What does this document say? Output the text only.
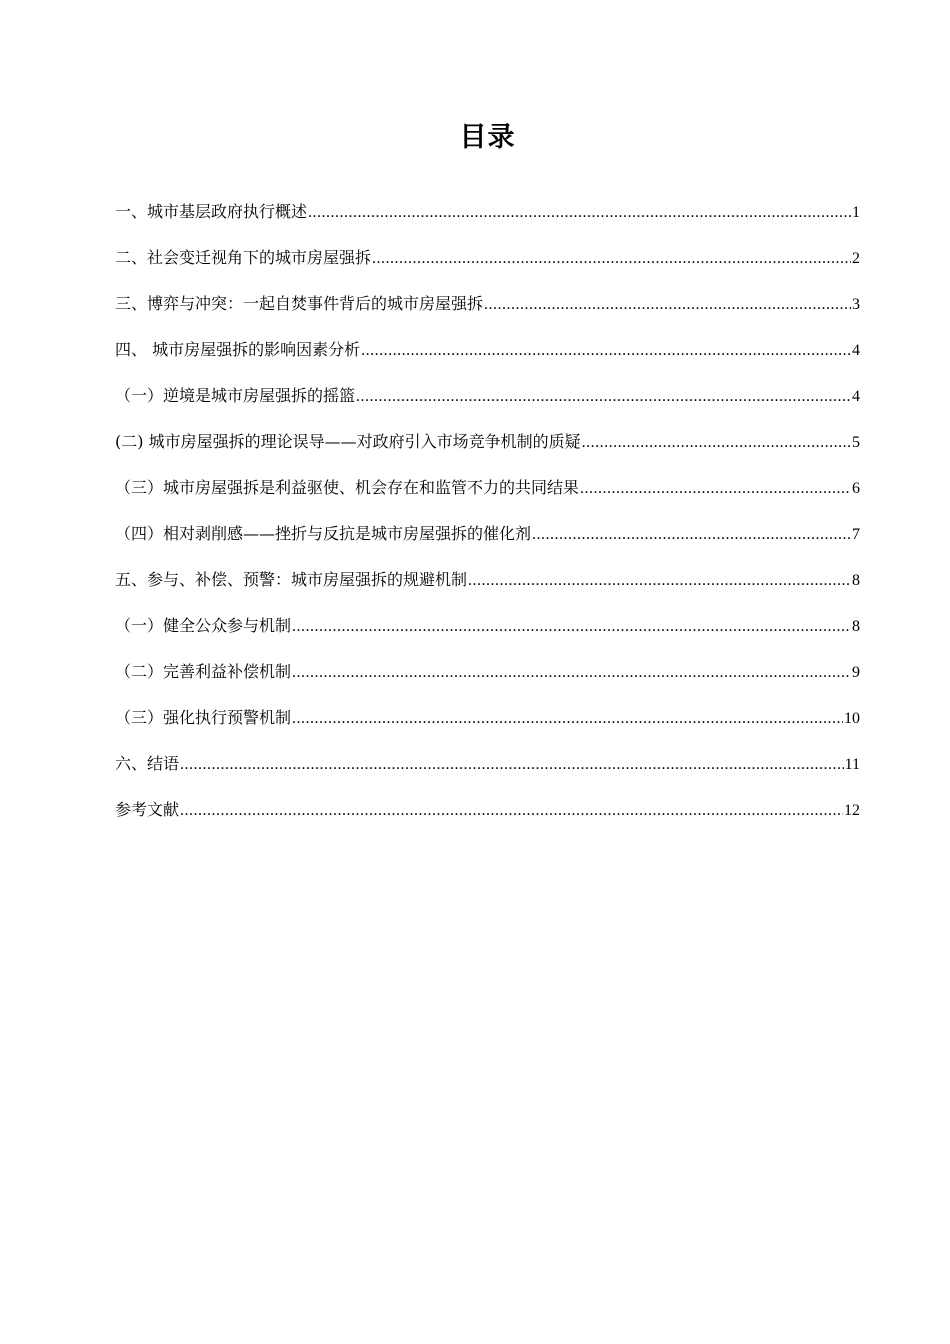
目录
一、城市基层政府执行概述 .....	1
二、社会变迁视角下的城市房屋强拆 .....	2
三、博弈与冲突：一起自焚事件背后的城市房屋强拆 .....	3
四、 城市房屋强拆的影响因素分析 .....	4
（一）逆境是城市房屋强拆的摇篮 .....	4
(二) 城市房屋强拆的理论误导——对政府引入市场竞争机制的质疑 .....	5
（三）城市房屋强拆是利益驱使、机会存在和监管不力的共同结果 .....	6
（四）相对剥削感——挫折与反抗是城市房屋强拆的催化剂 .....	7
五、参与、补偿、预警：城市房屋强拆的规避机制 .....	8
（一）健全公众参与机制 .....	8
（二）完善利益补偿机制 .....	9
（三）强化执行预警机制 .....	10
六、结语 .....	11
参考文献 .....	12
